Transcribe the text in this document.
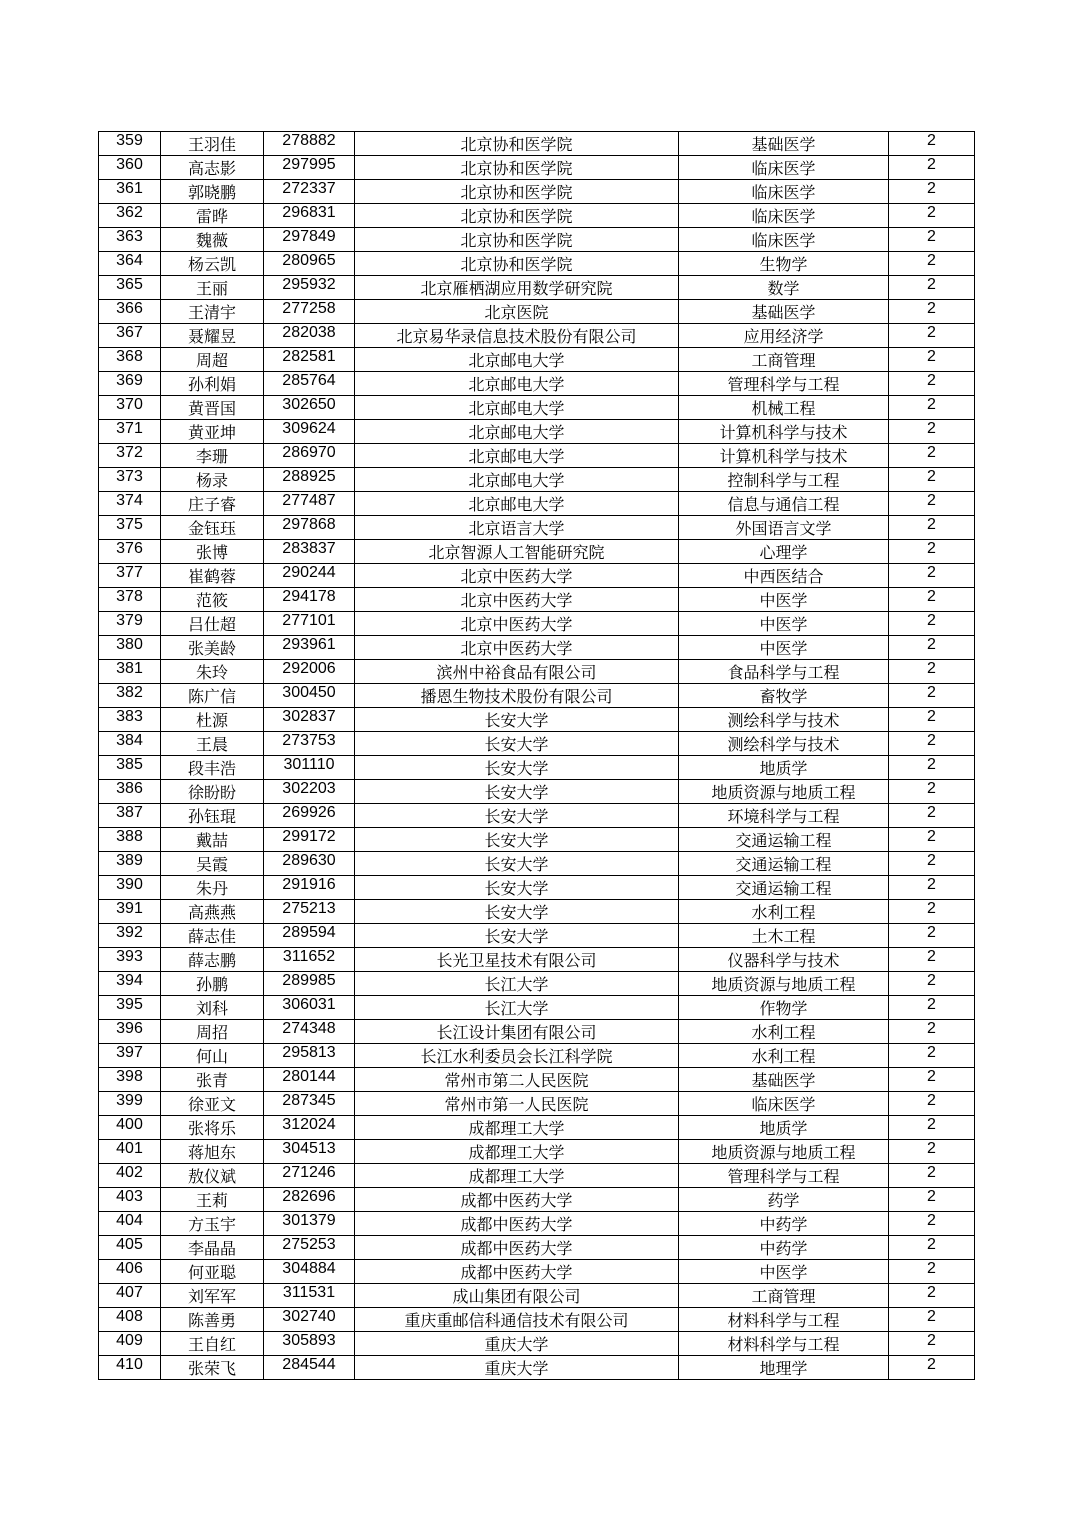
359	王羽佳	278882	北京协和医学院	基础医学	2
360	高志影	297995	北京协和医学院	临床医学	2
361	郭晓鹏	272337	北京协和医学院	临床医学	2
362	雷晔	296831	北京协和医学院	临床医学	2
363	魏薇	297849	北京协和医学院	临床医学	2
364	杨云凯	280965	北京协和医学院	生物学	2
365	王丽	295932	北京雁栖湖应用数学研究院	数学	2
366	王清宇	277258	北京医院	基础医学	2
367	聂耀昱	282038	北京易华录信息技术股份有限公司	应用经济学	2
368	周超	282581	北京邮电大学	工商管理	2
369	孙利娟	285764	北京邮电大学	管理科学与工程	2
370	黄晋国	302650	北京邮电大学	机械工程	2
371	黄亚坤	309624	北京邮电大学	计算机科学与技术	2
372	李珊	286970	北京邮电大学	计算机科学与技术	2
373	杨录	288925	北京邮电大学	控制科学与工程	2
374	庄子睿	277487	北京邮电大学	信息与通信工程	2
375	金钰珏	297868	北京语言大学	外国语言文学	2
376	张博	283837	北京智源人工智能研究院	心理学	2
377	崔鹤蓉	290244	北京中医药大学	中西医结合	2
378	范筱	294178	北京中医药大学	中医学	2
379	吕仕超	277101	北京中医药大学	中医学	2
380	张美龄	293961	北京中医药大学	中医学	2
381	朱玲	292006	滨州中裕食品有限公司	食品科学与工程	2
382	陈广信	300450	播恩生物技术股份有限公司	畜牧学	2
383	杜源	302837	长安大学	测绘科学与技术	2
384	王晨	273753	长安大学	测绘科学与技术	2
385	段丰浩	301110	长安大学	地质学	2
386	徐盼盼	302203	长安大学	地质资源与地质工程	2
387	孙钰琨	269926	长安大学	环境科学与工程	2
388	戴喆	299172	长安大学	交通运输工程	2
389	吴霞	289630	长安大学	交通运输工程	2
390	朱丹	291916	长安大学	交通运输工程	2
391	高燕燕	275213	长安大学	水利工程	2
392	薛志佳	289594	长安大学	土木工程	2
393	薛志鹏	311652	长光卫星技术有限公司	仪器科学与技术	2
394	孙鹏	289985	长江大学	地质资源与地质工程	2
395	刘科	306031	长江大学	作物学	2
396	周招	274348	长江设计集团有限公司	水利工程	2
397	何山	295813	长江水利委员会长江科学院	水利工程	2
398	张青	280144	常州市第二人民医院	基础医学	2
399	徐亚文	287345	常州市第一人民医院	临床医学	2
400	张将乐	312024	成都理工大学	地质学	2
401	蒋旭东	304513	成都理工大学	地质资源与地质工程	2
402	敖仪斌	271246	成都理工大学	管理科学与工程	2
403	王莉	282696	成都中医药大学	药学	2
404	方玉宇	301379	成都中医药大学	中药学	2
405	李晶晶	275253	成都中医药大学	中药学	2
406	何亚聪	304884	成都中医药大学	中医学	2
407	刘军军	311531	成山集团有限公司	工商管理	2
408	陈善勇	302740	重庆重邮信科通信技术有限公司	材料科学与工程	2
409	王自红	305893	重庆大学	材料科学与工程	2
410	张荣飞	284544	重庆大学	地理学	2
